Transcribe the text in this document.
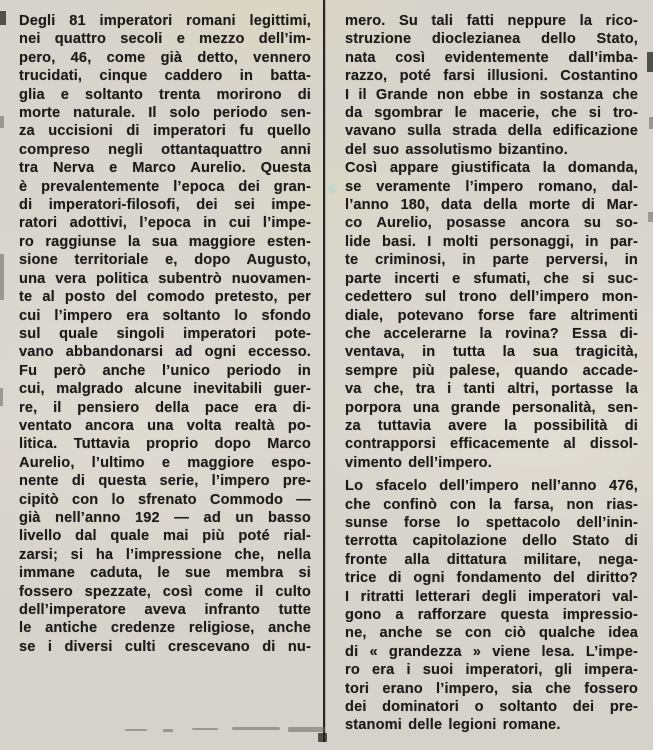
Degli 81 imperatori romani legittimi,
nei quattro secoli e mezzo dell’im-
pero, 46, come già detto, vennero
trucidati, cinque caddero in batta-
glia e soltanto trenta morirono di
morte naturale. Il solo periodo sen-
za uccisioni di imperatori fu quello
compreso negli ottantaquattro anni
tra Nerva e Marco Aurelio. Questa
è prevalentemente l’epoca dei gran-
di imperatori-filosofi, dei sei impe-
ratori adottivi, l’epoca in cui l’impe-
ro raggiunse la sua maggiore esten-
sione territoriale e, dopo Augusto,
una vera politica subentrò nuovamen-
te al posto del comodo pretesto, per
cui l’impero era soltanto lo sfondo
sul quale singoli imperatori pote-
vano abbandonarsi ad ogni eccesso.
Fu però anche l’unico periodo in
cui, malgrado alcune inevitabili guer-
re, il pensiero della pace era di-
ventato ancora una volta realtà po-
litica. Tuttavia proprio dopo Marco
Aurelio, l’ultimo e maggiore espo-
nente di questa serie, l’impero pre-
cipitò con lo sfrenato Commodo —
già nell’anno 192 — ad un basso
livello dal quale mai più poté rial-
zarsi; si ha l’impressione che, nella
immane caduta, le sue membra si
fossero spezzate, così come il culto
dell’imperatore aveva infranto tutte
le antiche credenze religiose, anche
se i diversi culti crescevano di nu-
mero. Su tali fatti neppure la rico-
struzione dioclezianea dello Stato,
nata così evidentemente dall’imba-
razzo, poté farsi illusioni. Costantino
I il Grande non ebbe in sostanza che
da sgombrar le macerie, che si tro-
vavano sulla strada della edificazione
del suo assolutismo bizantino.
Così appare giustificata la domanda,
se veramente l’impero romano, dal-
l’anno 180, data della morte di Mar-
co Aurelio, posasse ancora su so-
lide basi. I molti personaggi, in par-
te criminosi, in parte perversi, in
parte incerti e sfumati, che si suc-
cedettero sul trono dell’impero mon-
diale, potevano forse fare altrimenti
che accelerarne la rovina? Essa di-
ventava, in tutta la sua tragicità,
sempre più palese, quando accade-
va che, tra i tanti altri, portasse la
porpora una grande personalità, sen-
za tuttavia avere la possibilità di
contrapporsi efficacemente al dissol-
vimento dell’impero.
Lo sfacelo dell’impero nell’anno 476,
che confinò con la farsa, non rias-
sunse forse lo spettacolo dell’inin-
terrotta capitolazione dello Stato di
fronte alla dittatura militare, nega-
trice di ogni fondamento del diritto?
I ritratti letterari degli imperatori val-
gono a rafforzare questa impressio-
ne, anche se con ciò qualche idea
di « grandezza » viene lesa. L’impe-
ro era i suoi imperatori, gli impera-
tori erano l’impero, sia che fossero
dei dominatori o soltanto dei pre-
stanomi delle legioni romane.
